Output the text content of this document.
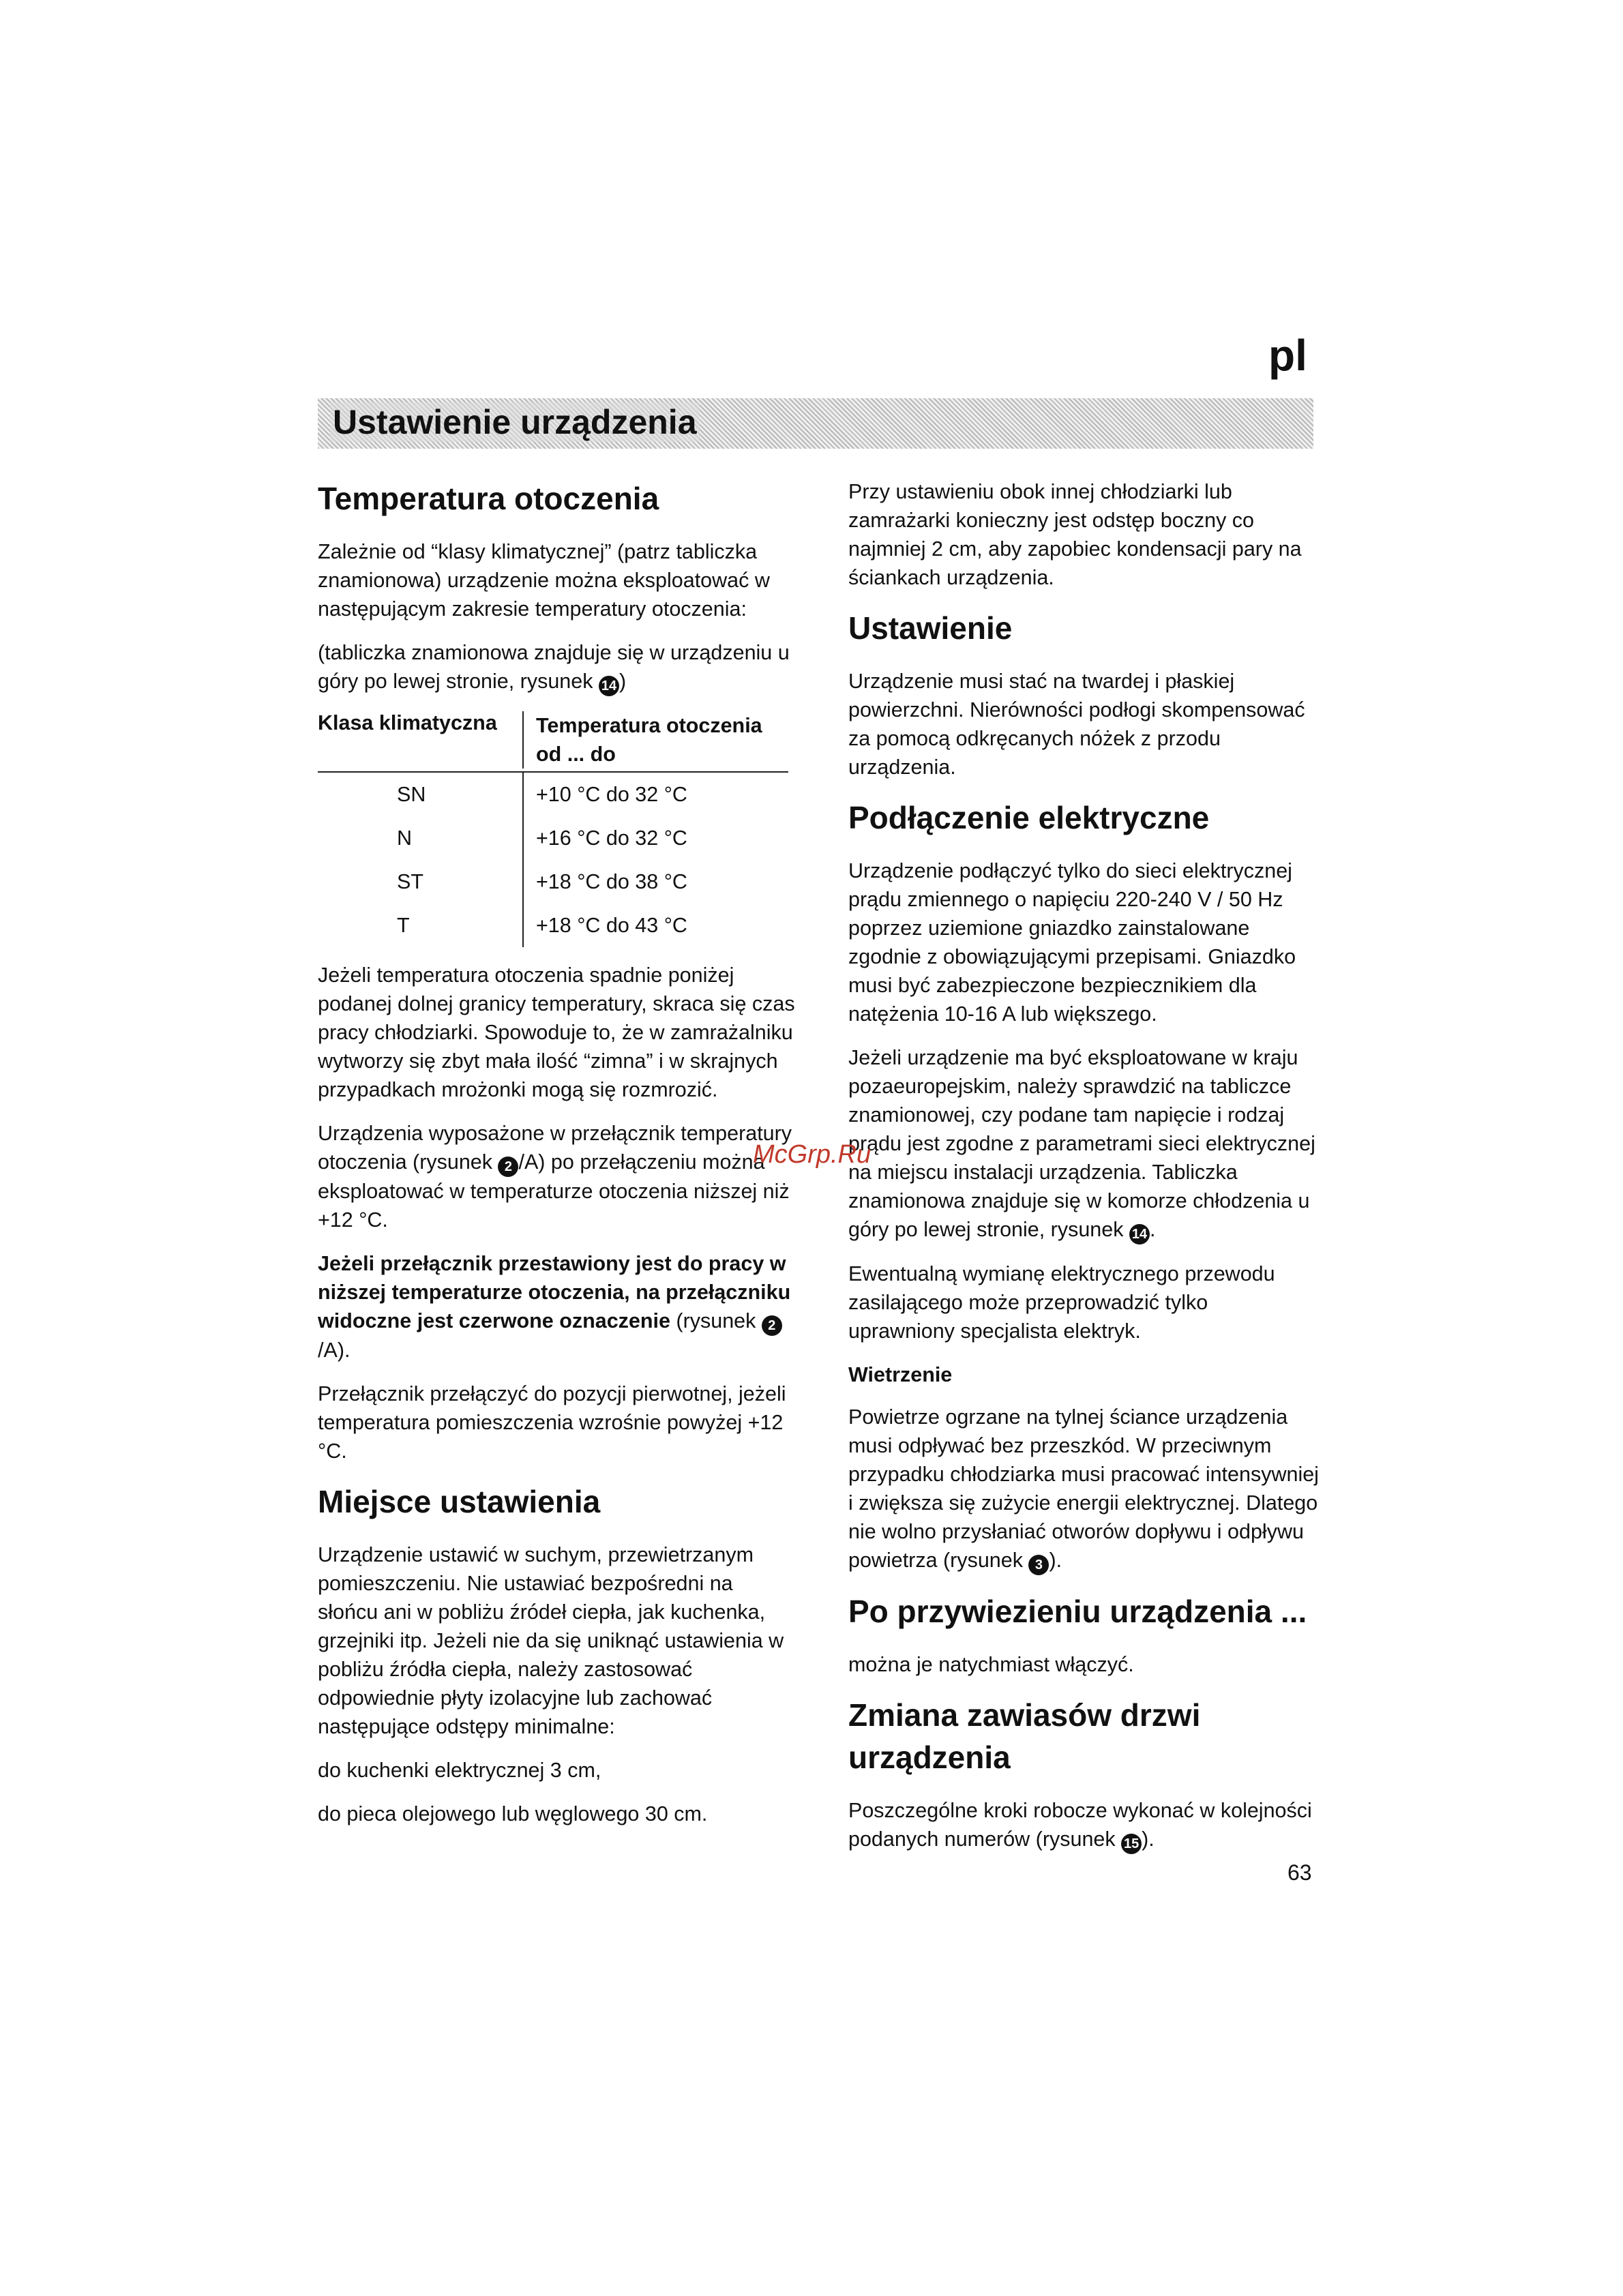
pl
Ustawienie urządzenia
Temperatura otoczenia

Zależnie od “klasy klimatycznej” (patrz tabliczka znamionowa) urządzenie można eksploatować w następującym zakresie temperatury otoczenia:

(tabliczka znamionowa znajduje się w urządzeniu u góry po lewej stronie, rysunek 14 )

Klasa klimatyczna	Temperatura otoczenia od ... do
SN	+10 °C do 32 °C
N	+16 °C do 32 °C
ST	+18 °C do 38 °C
T	+18 °C do 43 °C

Jeżeli temperatura otoczenia spadnie poniżej podanej dolnej granicy temperatury, skraca się czas pracy chłodziarki. Spowoduje to, że w zamrażalniku wytworzy się zbyt mała ilość “zimna” i w skrajnych przypadkach mrożonki mogą się rozmrozić.

Urządzenia wyposażone w przełącznik temperatury otoczenia (rysunek 2 /A) po przełączeniu można eksploatować w temperaturze otoczenia niższej niż +12 °C.

Jeżeli przełącznik przestawiony jest do pracy w niższej temperaturze otoczenia, na przełączniku widoczne jest czerwone oznaczenie (rysunek 2/A).

Przełącznik przełączyć do pozycji pierwotnej, jeżeli temperatura pomieszczenia wzrośnie powyżej +12 °C.

Miejsce ustawienia

Urządzenie ustawić w suchym, przewietrzanym pomieszczeniu. Nie ustawiać bezpośredni na słońcu ani w pobliżu źródeł ciepła, jak kuchenka, grzejniki itp. Jeżeli nie da się uniknąć ustawienia w pobliżu źródła ciepła, należy zastosować odpowiednie płyty izolacyjne lub zachować następujące odstępy minimalne:

do kuchenki elektrycznej 3 cm,

do pieca olejowego lub węglowego 30 cm.

Przy ustawieniu obok innej chłodziarki lub zamrażarki konieczny jest odstęp boczny co najmniej 2 cm, aby zapobiec kondensacji pary na ściankach urządzenia.

Ustawienie

Urządzenie musi stać na twardej i płaskiej powierzchni. Nierówności podłogi skompensować za pomocą odkręcanych nóżek z przodu urządzenia.

Podłączenie elektryczne

Urządzenie podłączyć tylko do sieci elektrycznej prądu zmiennego o napięciu 220-240 V / 50 Hz poprzez uziemione gniazdko zainstalowane zgodnie z obowiązującymi przepisami. Gniazdko musi być zabezpieczone bezpiecznikiem dla natężenia 10-16 A lub większego.

Jeżeli urządzenie ma być eksploatowane w kraju pozaeuropejskim, należy sprawdzić na tabliczce znamionowej, czy podane tam napięcie i rodzaj prądu jest zgodne z parametrami sieci elektrycznej na miejscu instalacji urządzenia. Tabliczka znamionowa znajduje się w komorze chłodzenia u góry po lewej stronie, rysunek 14 .

Ewentualną wymianę elektrycznego przewodu zasilającego może przeprowadzić tylko uprawniony specjalista elektryk.

Wietrzenie

Powietrze ogrzane na tylnej ściance urządzenia musi odpływać bez przeszkód. W przeciwnym przypadku chłodziarka musi pracować intensywniej i zwiększa się zużycie energii elektrycznej. Dlatego nie wolno przysłaniać otworów dopływu i odpływu powietrza (rysunek 3 ).

Po przywiezieniu urządzenia ...

można je natychmiast włączyć.

Zmiana zawiasów drzwi urządzenia

Poszczególne kroki robocze wykonać w kolejności podanych numerów (rysunek 15 ).

McGrp.Ru
63
